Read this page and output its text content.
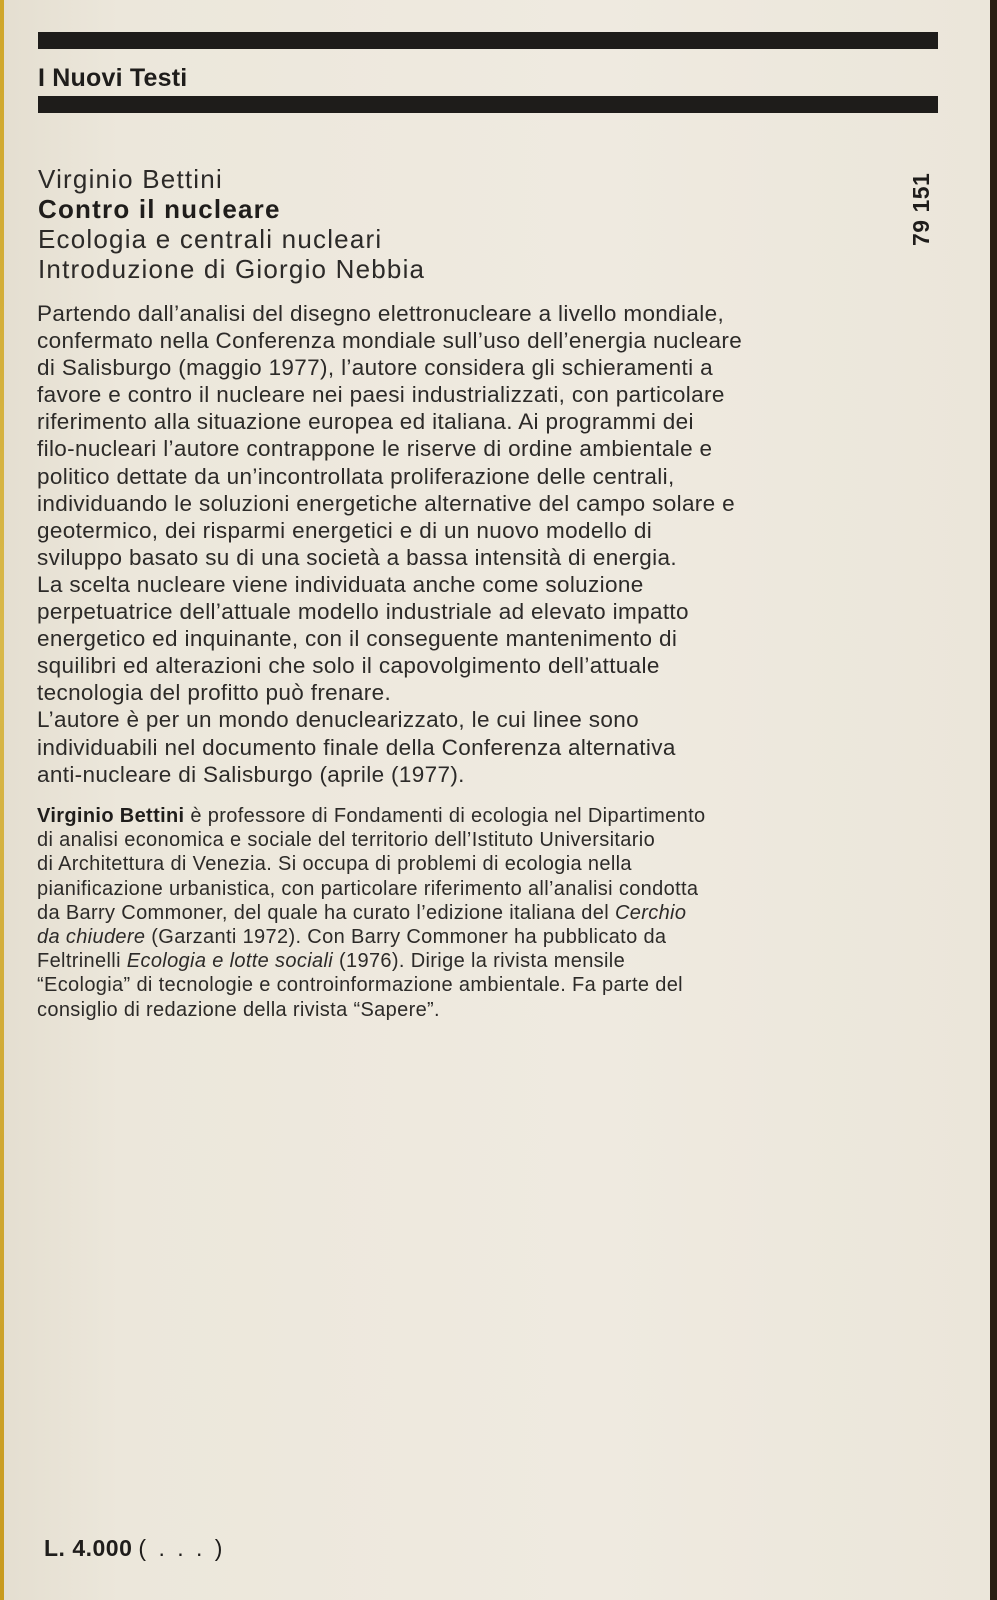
I Nuovi Testi
79 151
Virginio Bettini
Contro il nucleare
Ecologia e centrali nucleari
Introduzione di Giorgio Nebbia
Partendo dall’analisi del disegno elettronucleare a livello mondiale,
confermato nella Conferenza mondiale sull’uso dell’energia nucleare
di Salisburgo (maggio 1977), l’autore considera gli schieramenti a
favore e contro il nucleare nei paesi industrializzati, con particolare
riferimento alla situazione europea ed italiana. Ai programmi dei
filo-nucleari l’autore contrappone le riserve di ordine ambientale e
politico dettate da un’incontrollata proliferazione delle centrali,
individuando le soluzioni energetiche alternative del campo solare e
geotermico, dei risparmi energetici e di un nuovo modello di
sviluppo basato su di una società a bassa intensità di energia.
La scelta nucleare viene individuata anche come soluzione
perpetuatrice dell’attuale modello industriale ad elevato impatto
energetico ed inquinante, con il conseguente mantenimento di
squilibri ed alterazioni che solo il capovolgimento dell’attuale
tecnologia del profitto può frenare.
L’autore è per un mondo denuclearizzato, le cui linee sono
individuabili nel documento finale della Conferenza alternativa
anti-nucleare di Salisburgo (aprile (1977).
Virginio Bettini è professore di Fondamenti di ecologia nel Dipartimento
di analisi economica e sociale del territorio dell’Istituto Universitario
di Architettura di Venezia. Si occupa di problemi di ecologia nella
pianificazione urbanistica, con particolare riferimento all’analisi condotta
da Barry Commoner, del quale ha curato l’edizione italiana del Cerchio
da chiudere (Garzanti 1972). Con Barry Commoner ha pubblicato da
Feltrinelli Ecologia e lotte sociali (1976). Dirige la rivista mensile
“Ecologia” di tecnologie e controinformazione ambientale. Fa parte del
consiglio di redazione della rivista “Sapere”.
L. 4.000 ( . . . )
